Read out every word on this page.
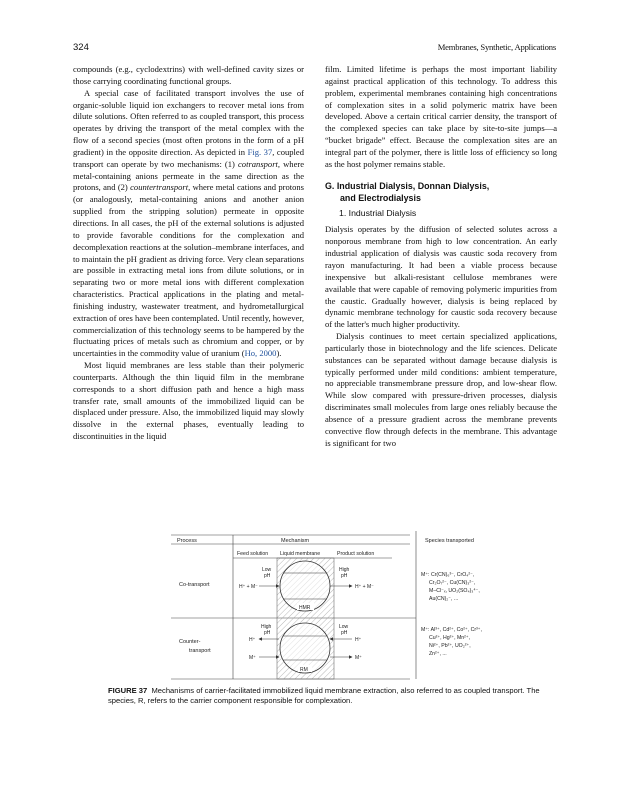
324	Membranes, Synthetic, Applications

compounds (e.g., cyclodextrins) with well-defined cavity sizes or those carrying coordinating functional groups.

A special case of facilitated transport involves the use of organic-soluble liquid ion exchangers to recover metal ions from dilute solutions. Often referred to as coupled transport, this process operates by driving the transport of the metal complex with the flow of a second species (most often protons in the form of a pH gradient) in the opposite direction. As depicted in Fig. 37, coupled transport can operate by two mechanisms: (1) cotransport, where metal-containing anions permeate in the same direction as the protons, and (2) countertransport, where metal cations and protons (or analogously, metal-containing anions and another anion supplied from the stripping solution) permeate in opposite directions. In all cases, the pH of the external solutions is adjusted to provide favorable conditions for the complexation and decomplexation reactions at the solution–membrane interfaces, and to maintain the pH gradient as driving force. Very clean separations are possible in extracting metal ions from dilute solutions, or in separating two or more metal ions with different complexation characteristics. Practical applications in the plating and metal-finishing industry, wastewater treatment, and hydrometallurgical extraction of ores have been contemplated. Until recently, however, commercialization of this technology seems to be hampered by the fluctuating prices of metals such as chromium and copper, or by uncertainties in the commodity value of uranium (Ho, 2000).

Most liquid membranes are less stable than their polymeric counterparts. Although the thin liquid film in the membrane corresponds to a short diffusion path and hence a high mass transfer rate, small amounts of the immobilized liquid can be displaced under pressure. Also, the immobilized liquid may slowly dissolve in the external phases, eventually leading to discontinuities in the liquid

film. Limited lifetime is perhaps the most important liability against practical application of this technology. To address this problem, experimental membranes containing high concentrations of complexation sites in a solid polymeric matrix have been developed. Above a certain critical carrier density, the transport of the complexed species can take place by site-to-site jumps—a “bucket brigade” effect. Because the complexation sites are an integral part of the polymer, there is little loss of efficiency so long as the host polymer remains stable.

G. Industrial Dialysis, Donnan Dialysis,
and Electrodialysis
1. Industrial Dialysis

Dialysis operates by the diffusion of selected solutes across a nonporous membrane from high to low concentration. An early industrial application of dialysis was caustic soda recovery from rayon manufacturing. It had been a viable process because inexpensive but alkali-resistant cellulose membranes were available that were capable of removing polymeric impurities from the caustic. Gradually however, dialysis is being replaced by dynamic membrane technology for caustic soda recovery because of the latter's much higher productivity.

Dialysis continues to meet certain specialized applications, particularly those in biotechnology and the life sciences. Delicate substances can be separated without damage because dialysis is typically performed under mild conditions: ambient temperature, no appreciable transmembrane pressure drop, and low-shear flow. While slow compared with pressure-driven processes, dialysis discriminates small molecules from large ones reliably because the absence of a pressure gradient across the membrane prevents convective flow through defects in the membrane. This advantage is significant for two

Process	Mechanism	Species transported
Feed solution Liquid membrane	Product solution
Co-transport
Low
pH
High
pH
H⁺ + M⁻	H⁺ + M⁻
HMR
Counter-
transport
High
pH
Low
pH
H⁺	H⁺
M⁺	M⁺
RM
M⁺: Cr(CN)₆³⁻, CrO₄²⁻, Cr₂O₇²⁻, Cu(CN)₃²⁻, M–Cl⁻ₓ, UO₂(SO₄)₃⁴⁻, Au(CN)₂⁻, ...
M⁺: Al³⁺, Cd²⁺, Co²⁺, Cr³⁺, Cu²⁺, Hg²⁺, Mn²⁺, Ni²⁺, Pb²⁺, UO₂²⁺, Zn²⁺, ...
FIGURE 37 Mechanisms of carrier-facilitated immobilized liquid membrane extraction, also referred to as coupled transport. The species, R, refers to the carrier component responsible for complexation.
